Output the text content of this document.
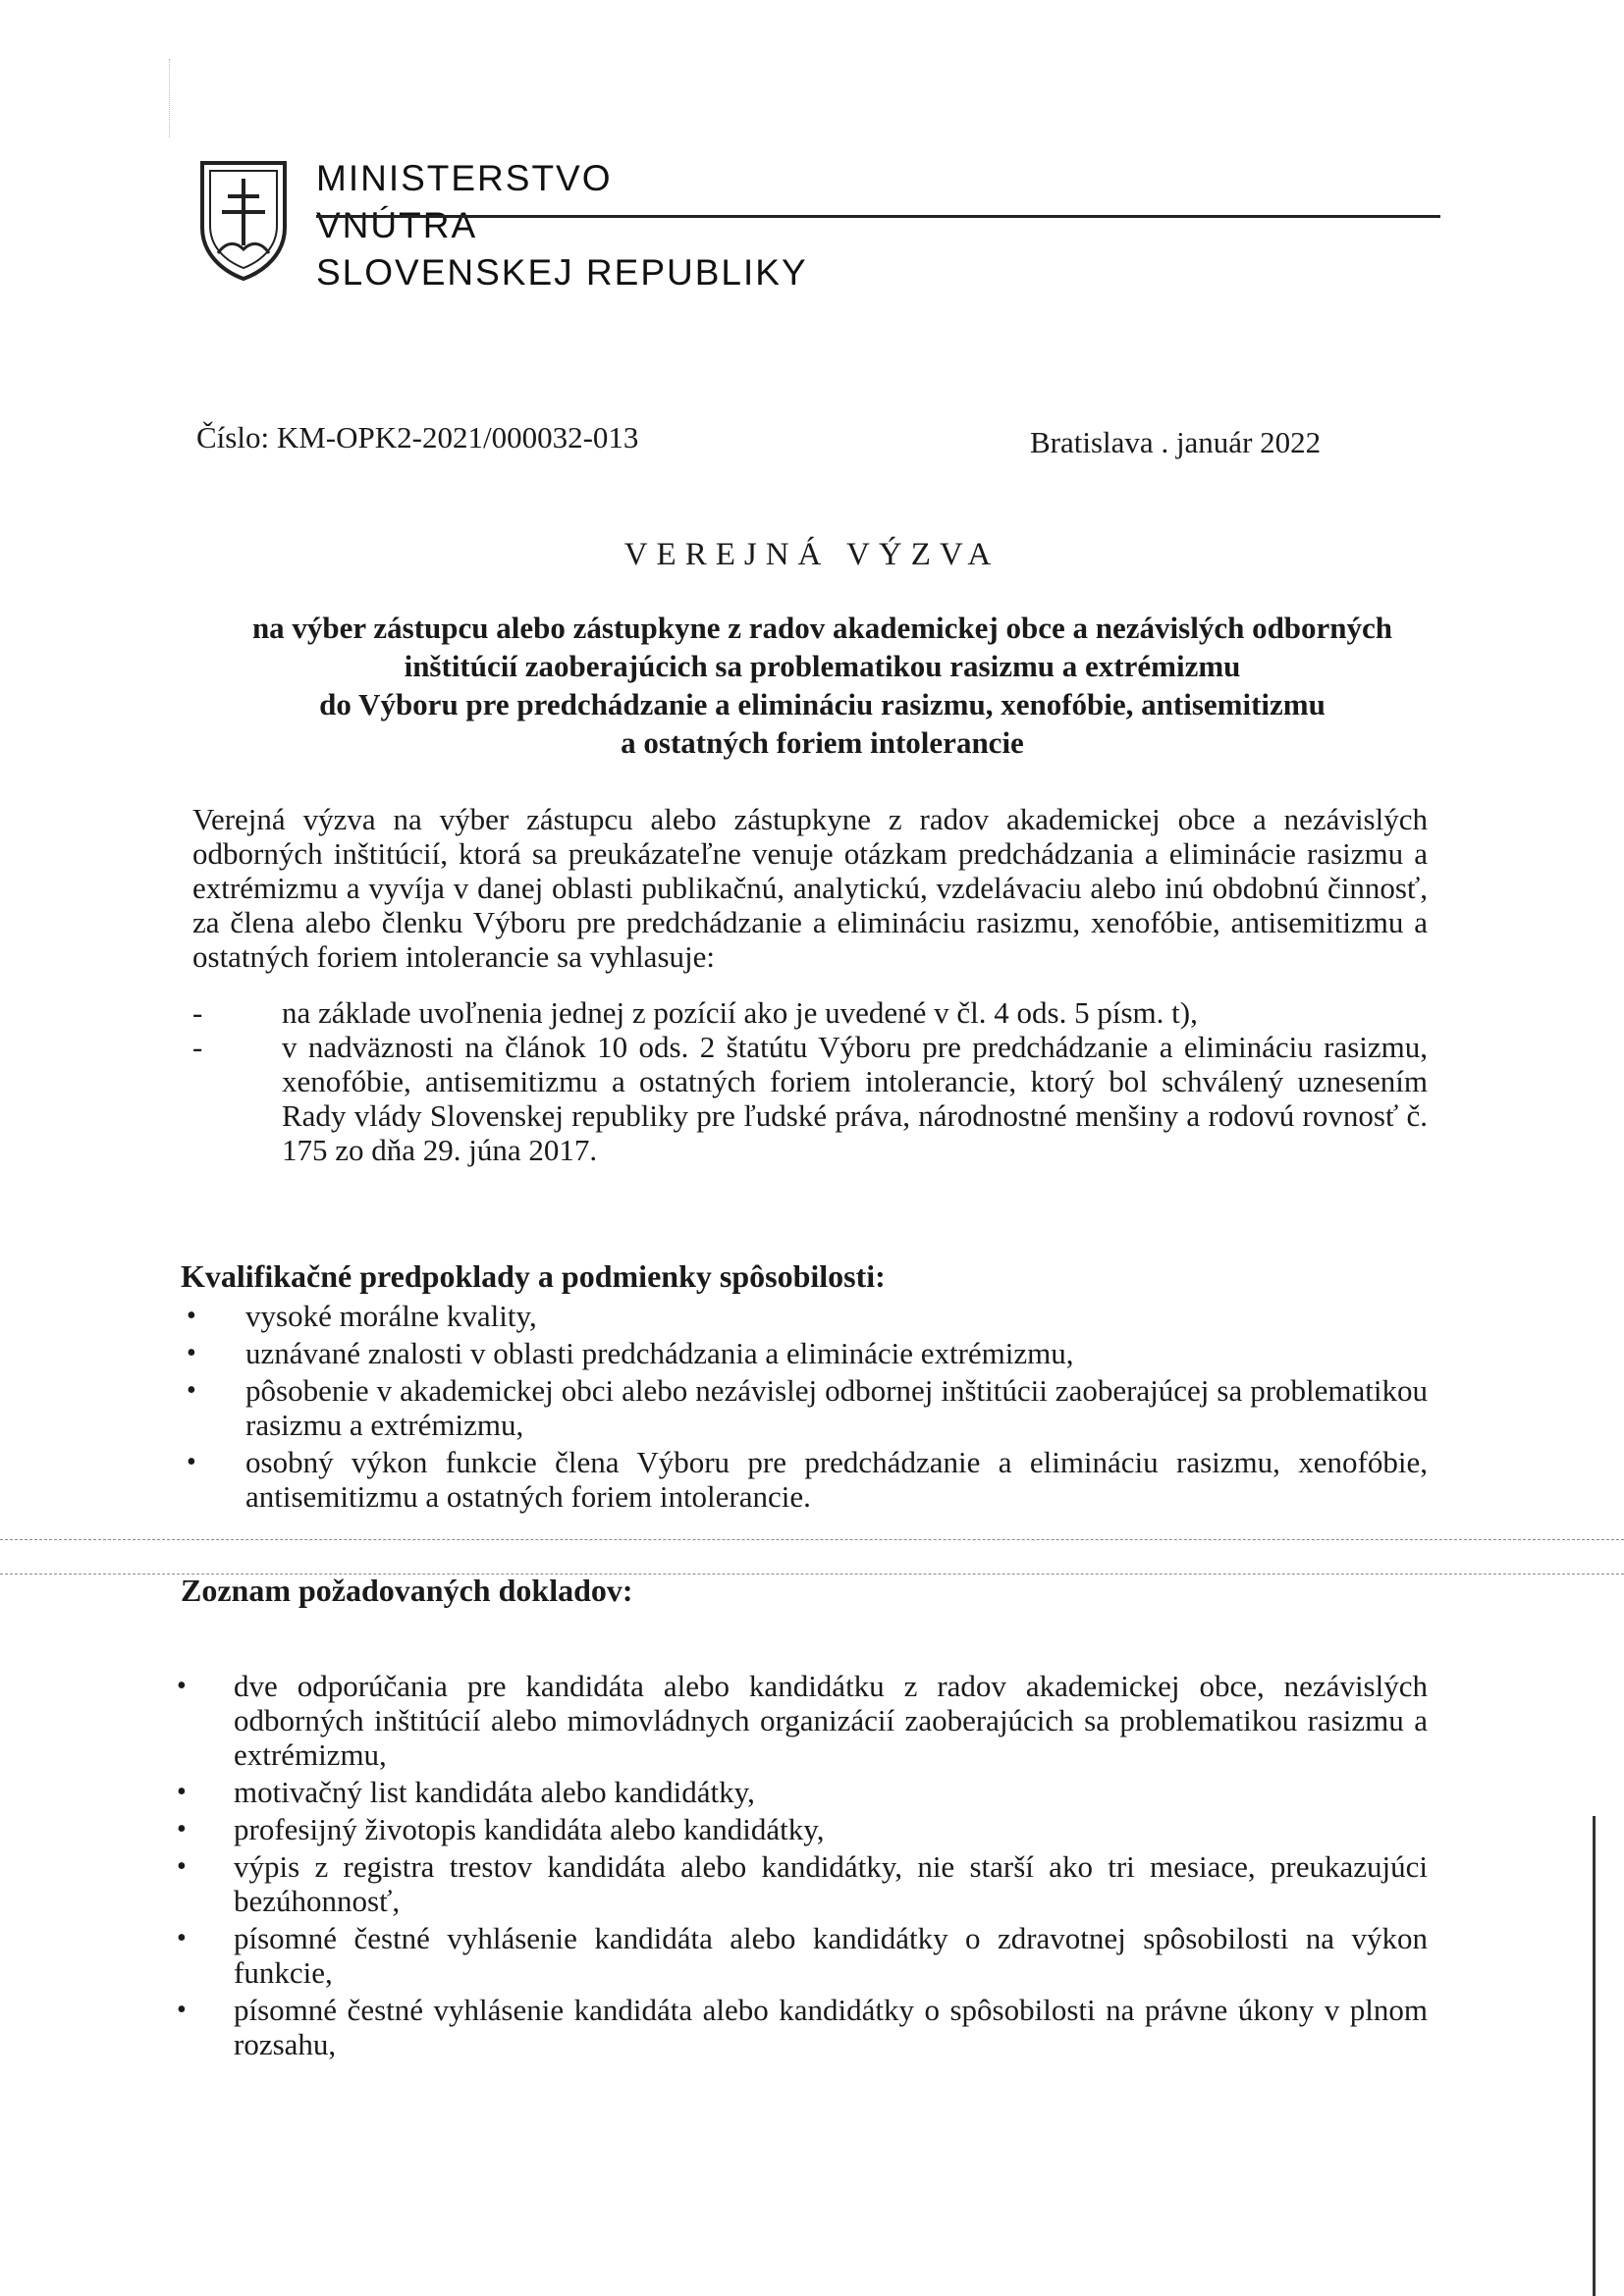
MINISTERSTVO
VNÚTRA
SLOVENSKEJ REPUBLIKY
Číslo: KM-OPK2-2021/000032-013	Bratislava . január 2022
VEREJNÁ VÝZVA
na výber zástupcu alebo zástupkyne z radov akademickej obce a nezávislých odborných
inštitúcií zaoberajúcich sa problematikou rasizmu a extrémizmu
do Výboru pre predchádzanie a elimináciu rasizmu, xenofóbie, antisemitizmu
a ostatných foriem intolerancie

Verejná výzva na výber zástupcu alebo zástupkyne z radov akademickej obce a nezávislých odborných inštitúcií, ktorá sa preukázateľne venuje otázkam predchádzania a eliminácie rasizmu a extrémizmu a vyvíja v danej oblasti publikačnú, analytickú, vzdelávaciu alebo inú obdobnú činnosť, za člena alebo členku Výboru pre predchádzanie a elimináciu rasizmu, xenofóbie, antisemitizmu a ostatných foriem intolerancie sa vyhlasuje:

-	na základe uvoľnenia jednej z pozícií ako je uvedené v čl. 4 ods. 5 písm. t),
-	v nadväznosti na článok 10 ods. 2 štatútu Výboru pre predchádzanie a elimináciu rasizmu, xenofóbie, antisemitizmu a ostatných foriem intolerancie, ktorý bol schválený uznesením Rady vlády Slovenskej republiky pre ľudské práva, národnostné menšiny a rodovú rovnosť č. 175 zo dňa 29. júna 2017.
Kvalifikačné predpoklady a podmienky spôsobilosti:
• vysoké morálne kvality,
• uznávané znalosti v oblasti predchádzania a eliminácie extrémizmu,
• pôsobenie v akademickej obci alebo nezávislej odbornej inštitúcii zaoberajúcej sa problematikou rasizmu a extrémizmu,
• osobný výkon funkcie člena Výboru pre predchádzanie a elimináciu rasizmu, xenofóbie, antisemitizmu a ostatných foriem intolerancie.
Zoznam požadovaných dokladov:
• dve odporúčania pre kandidáta alebo kandidátku z radov akademickej obce, nezávislých odborných inštitúcií alebo mimovládnych organizácií zaoberajúcich sa problematikou rasizmu a extrémizmu,
• motivačný list kandidáta alebo kandidátky,
• profesijný životopis kandidáta alebo kandidátky,
• výpis z registra trestov kandidáta alebo kandidátky, nie starší ako tri mesiace, preukazujúci bezúhonnosť,
• písomné čestné vyhlásenie kandidáta alebo kandidátky o zdravotnej spôsobilosti na výkon funkcie,
• písomné čestné vyhlásenie kandidáta alebo kandidátky o spôsobilosti na právne úkony v plnom rozsahu,
